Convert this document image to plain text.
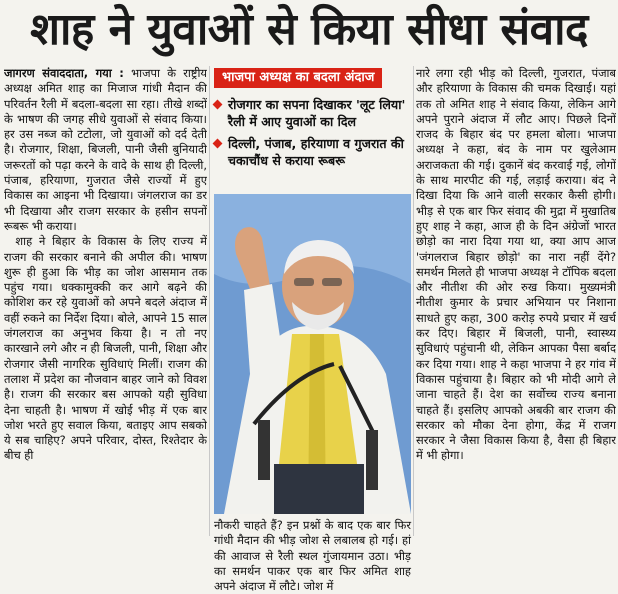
शाह ने युवाओं से किया सीधा संवाद

जागरण संवाददाता, गया : भाजपा के राष्ट्रीय अध्यक्ष अमित शाह का मिजाज गांधी मैदान की परिवर्तन रैली में बदला-बदला सा रहा। तीखे शब्दों के भाषण की जगह सीधे युवाओं से संवाद किया। हर उस नब्ज को टटोला, जो युवाओं को दर्द देती है। रोजगार, शिक्षा, बिजली, पानी जैसी बुनियादी जरूरतों को पढ़ा करने के वादे के साथ ही दिल्ली, पंजाब, हरियाणा, गुजरात जैसे राज्यों में हुए विकास का आइना भी दिखाया। जंगलराज का डर भी दिखाया और राजग सरकार के हसीन सपनों रूबरू भी कराया।

शाह ने बिहार के विकास के लिए राज्य में राजग की सरकार बनाने की अपील की। भाषण शुरू ही हुआ कि भीड़ का जोश आसमान तक पहुंच गया। धक्कामुक्की कर आगे बढ़ने की कोशिश कर रहे युवाओं को अपने बदले अंदाज में वहीं रुकने का निर्देश दिया। बोले, आपने 15 साल जंगलराज का अनुभव किया है। न तो नए कारखाने लगे और न ही बिजली, पानी, शिक्षा और रोजगार जैसी नागरिक सुविधाएं मिलीं। राजग की तलाश में प्रदेश का नौजवान बाहर जाने को विवश है। राजग की सरकार बस आपको यही सुविधा देना चाहती है। भाषण में खोई भीड़ में एक बार जोश भरते हुए सवाल किया, बताइए आप सबको ये सब चाहिए? अपने परिवार, दोस्त, रिश्तेदार के बीच ही

भाजपा अध्यक्ष का बदला अंदाज
रोजगार का सपना दिखाकर 'लूट लिया' रैली में आए युवाओं का दिल
दिल्ली, पंजाब, हरियाणा व गुजरात की चकाचौंध से कराया रूबरू
नौकरी चाहते हैं? इन प्रश्नों के बाद एक बार फिर गांधी मैदान की भीड़ जोश से लबालब हो गई। हां की आवाज से रैली स्थल गुंजायमान उठा। भीड़ का समर्थन पाकर एक बार फिर अमित शाह अपने अंदाज में लौटे। जोश में

नारे लगा रही भीड़ को दिल्ली, गुजरात, पंजाब और हरियाणा के विकास की चमक दिखाई। यहां तक तो अमित शाह ने संवाद किया, लेकिन आगे अपने पुराने अंदाज में लौट आए। पिछले दिनों राजद के बिहार बंद पर हमला बोला। भाजपा अध्यक्ष ने कहा, बंद के नाम पर खुलेआम अराजकता की गई। दुकानें बंद करवाई गई, लोगों के साथ मारपीट की गई, लड़ाई कराया। बंद ने दिखा दिया कि आने वाली सरकार कैसी होगी। भीड़ से एक बार फिर संवाद की मुद्रा में मुखातिब हुए शाह ने कहा, आज ही के दिन अंग्रेजों भारत छोड़ो का नारा दिया गया था, क्या आप आज 'जंगलराज बिहार छोड़ो' का नारा नहीं देंगे? समर्थन मिलते ही भाजपा अध्यक्ष ने टॉपिक बदला और नीतीश की ओर रुख किया। मुख्यमंत्री नीतीश कुमार के प्रचार अभियान पर निशाना साधते हुए कहा, 300 करोड़ रुपये प्रचार में खर्च कर दिए। बिहार में बिजली, पानी, स्वास्थ्य सुविधाएं पहुंचानी थी, लेकिन आपका पैसा बर्बाद कर दिया गया। शाह ने कहा भाजपा ने हर गांव में विकास पहुंचाया है। बिहार को भी मोदी आगे ले जाना चाहते हैं। देश का सर्वोच्च राज्य बनाना चाहते हैं। इसलिए आपको अबकी बार राजग की सरकार को मौका देना होगा, केंद्र में राजग सरकार ने जैसा विकास किया है, वैसा ही बिहार में भी होगा।
